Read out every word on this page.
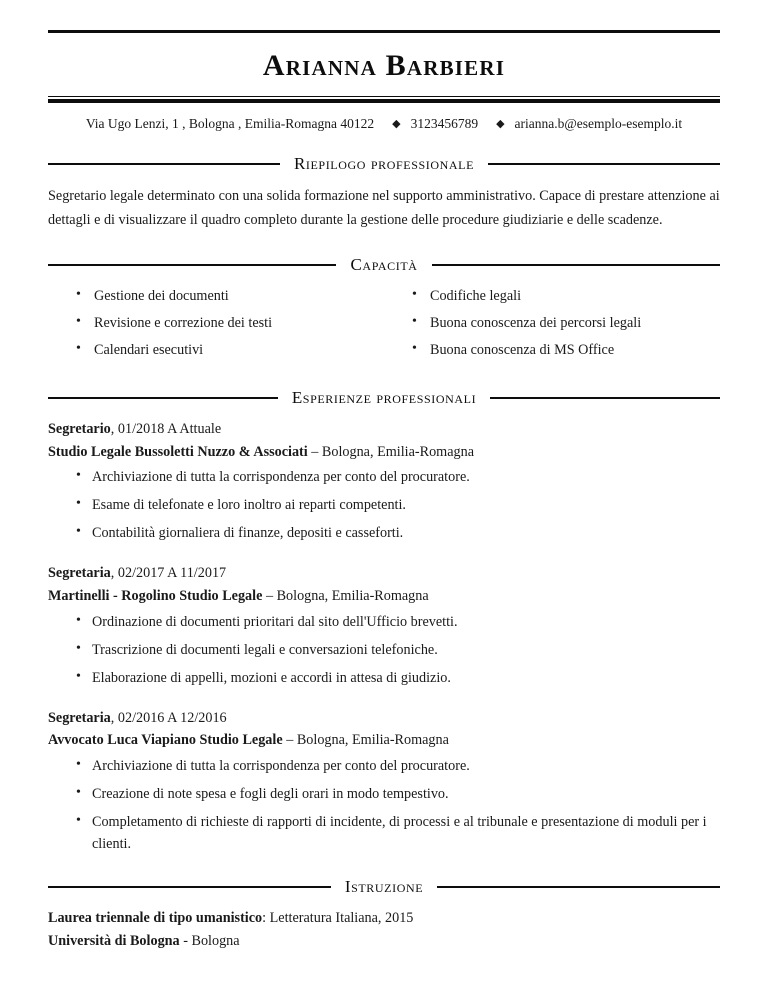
Arianna Barbieri
Via Ugo Lenzi, 1 , Bologna , Emilia-Romagna 40122 ◆ 3123456789 ◆ arianna.b@esemplo-esemplo.it
Riepilogo professionale

Segretario legale determinato con una solida formazione nel supporto amministrativo. Capace di prestare attenzione ai dettagli e di visualizzare il quadro completo durante la gestione delle procedure giudiziarie e delle scadenze.

Capacità
• Gestione dei documenti
• Revisione e correzione dei testi
• Calendari esecutivi
• Codifiche legali
• Buona conoscenza dei percorsi legali
• Buona conoscenza di MS Office
Esperienze professionali
Segretario, 01/2018 A Attuale
Studio Legale Bussoletti Nuzzo & Associati – Bologna, Emilia-Romagna
• Archiviazione di tutta la corrispondenza per conto del procuratore.
• Esame di telefonate e loro inoltro ai reparti competenti.
• Contabilità giornaliera di finanze, depositi e casseforti.
Segretaria, 02/2017 A 11/2017
Martinelli - Rogolino Studio Legale – Bologna, Emilia-Romagna
• Ordinazione di documenti prioritari dal sito dell'Ufficio brevetti.
• Trascrizione di documenti legali e conversazioni telefoniche.
• Elaborazione di appelli, mozioni e accordi in attesa di giudizio.
Segretaria, 02/2016 A 12/2016
Avvocato Luca Viapiano Studio Legale – Bologna, Emilia-Romagna
• Archiviazione di tutta la corrispondenza per conto del procuratore.
• Creazione di note spesa e fogli degli orari in modo tempestivo.
• Completamento di richieste di rapporti di incidente, di processi e al tribunale e presentazione di moduli per i clienti.
Istruzione
Laurea triennale di tipo umanistico: Letteratura Italiana, 2015
Università di Bologna - Bologna
